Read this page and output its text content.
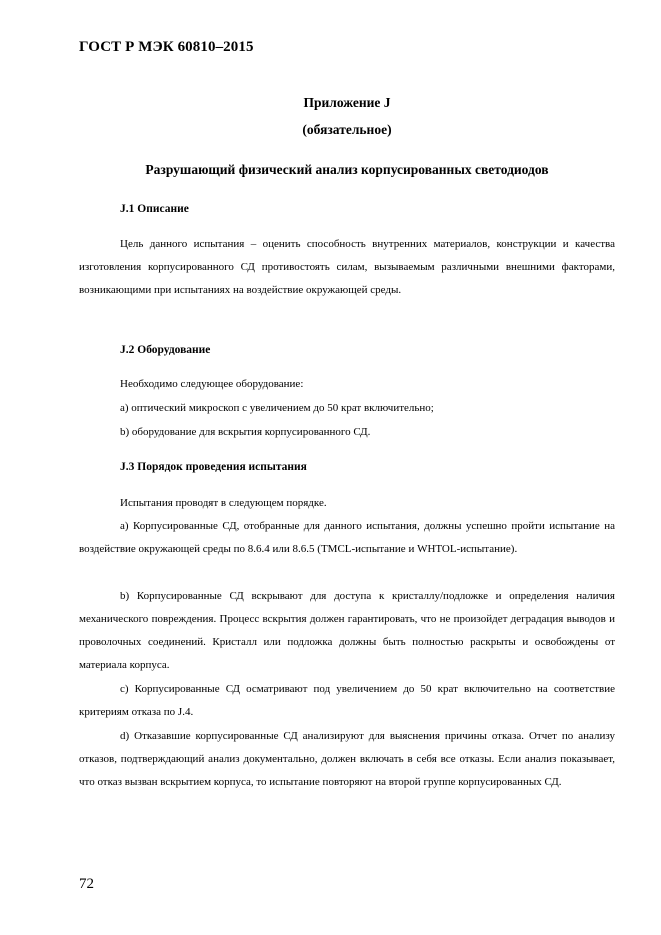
ГОСТ Р МЭК 60810–2015
Приложение J
(обязательное)
Разрушающий физический анализ корпусированных светодиодов
J.1 Описание
Цель данного испытания – оценить способность внутренних материалов, конструкции и качества изготовления корпусированного СД противостоять силам, вызываемым различными внешними факторами, возникающими при испытаниях на воздействие окружающей среды.
J.2 Оборудование
Необходимо следующее оборудование:
а) оптический микроскоп с увеличением до 50 крат включительно;
b) оборудование для вскрытия корпусированного СД.
J.3 Порядок проведения испытания
Испытания проводят в следующем порядке.
а) Корпусированные СД, отобранные для данного испытания, должны успешно пройти испытание на воздействие окружающей среды по 8.6.4 или 8.6.5 (TMCL-испытание и WHTOL-испытание).
b) Корпусированные СД вскрывают для доступа к кристаллу/подложке и определения наличия механического повреждения. Процесс вскрытия должен гарантировать, что не произойдет деградация выводов и проволочных соединений. Кристалл или подложка должны быть полностью раскрыты и освобождены от материала корпуса.
с) Корпусированные СД осматривают под увеличением до 50 крат включительно на соответствие критериям отказа по J.4.
d) Отказавшие корпусированные СД анализируют для выяснения причины отказа. Отчет по анализу отказов, подтверждающий анализ документально, должен включать в себя все отказы. Если анализ показывает, что отказ вызван вскрытием корпуса, то испытание повторяют на второй группе корпусированных СД.
72
